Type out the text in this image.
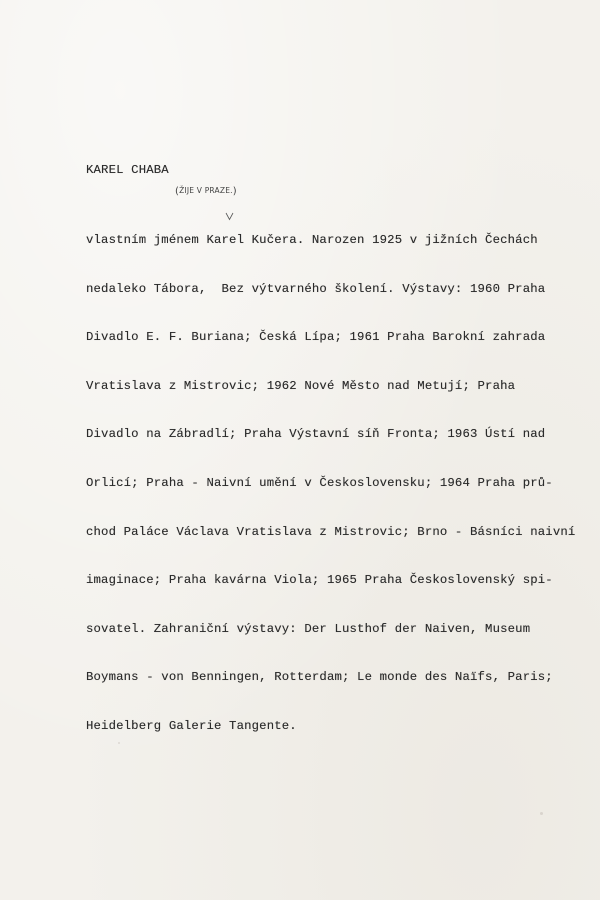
KAREL CHABA
(ŽIJE V PRAZE.)

vlastním jménem Karel Kučera. Narozen 1925 v jižních Čechách

nedaleko Tábora,  Bez výtvarného školení. Výstavy: 1960 Praha

Divadlo E. F. Buriana; Česká Lípa; 1961 Praha Barokní zahrada

Vratislava z Mistrovic; 1962 Nové Město nad Metují; Praha

Divadlo na Zábradlí; Praha Výstavní síň Fronta; 1963 Ústí nad

Orlicí; Praha - Naivní umění v Československu; 1964 Praha prů-

chod Paláce Václava Vratislava z Mistrovic; Brno - Básníci naivní

imaginace; Praha kavárna Viola; 1965 Praha Československý spi-

sovatel. Zahraniční výstavy: Der Lusthof der Naiven, Museum

Boymans - von Benningen, Rotterdam; Le monde des Naïfs, Paris;

Heidelberg Galerie Tangente.
